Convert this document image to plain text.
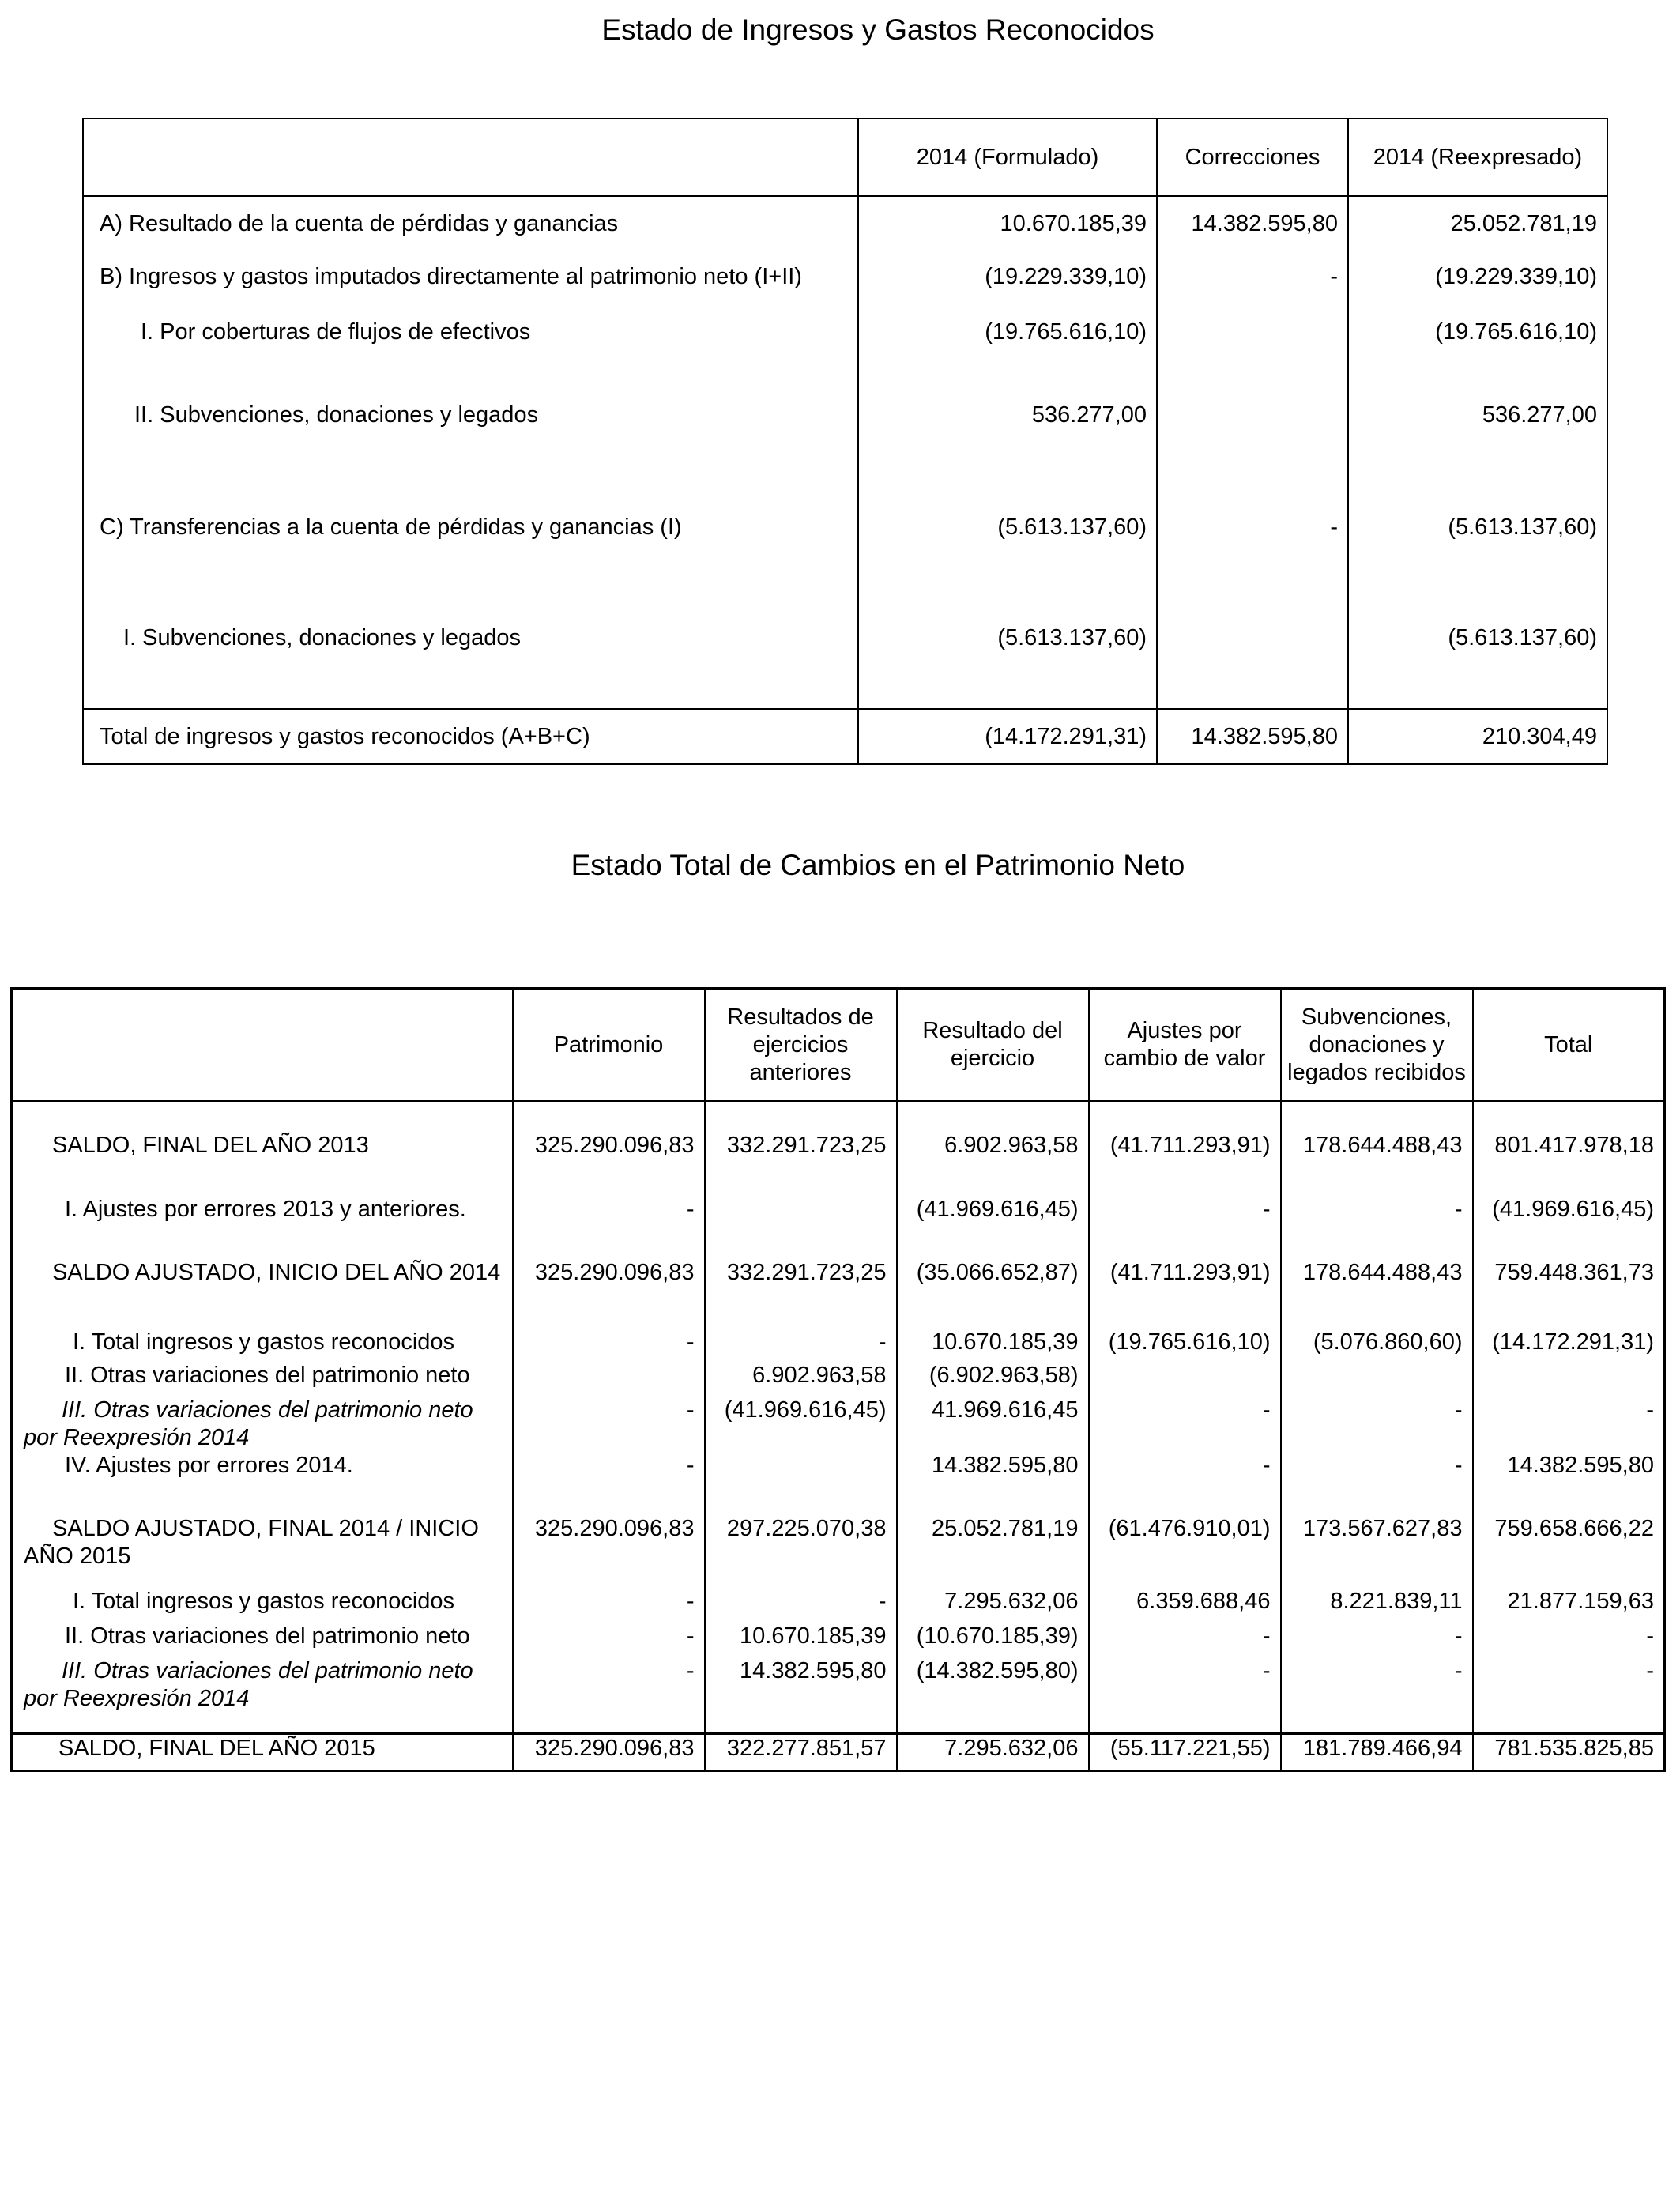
Estado de Ingresos y Gastos Reconocidos
	2014 (Formulado)	Correcciones	2014 (Reexpresado)
A) Resultado de la cuenta de pérdidas y ganancias	10.670.185,39	14.382.595,80	25.052.781,19
B) Ingresos y gastos imputados directamente al patrimonio neto (I+II)	(19.229.339,10)	-	(19.229.339,10)
I. Por coberturas de flujos de efectivos	(19.765.616,10)		(19.765.616,10)
II. Subvenciones, donaciones y legados	536.277,00		536.277,00
C) Transferencias a la cuenta de pérdidas y ganancias (I)	(5.613.137,60)	-	(5.613.137,60)
I. Subvenciones, donaciones y legados	(5.613.137,60)		(5.613.137,60)
Total de ingresos y gastos reconocidos (A+B+C)	(14.172.291,31)	14.382.595,80	210.304,49
Estado Total de Cambios en el Patrimonio Neto
	Patrimonio	Resultados de ejercicios anteriores	Resultado del ejercicio	Ajustes por cambio de valor	Subvenciones, donaciones y legados recibidos	Total
SALDO, FINAL DEL AÑO 2013	325.290.096,83	332.291.723,25	6.902.963,58	(41.711.293,91)	178.644.488,43	801.417.978,18
I. Ajustes por errores 2013 y anteriores.	-		(41.969.616,45)	-	-	(41.969.616,45)
SALDO AJUSTADO, INICIO DEL AÑO 2014	325.290.096,83	332.291.723,25	(35.066.652,87)	(41.711.293,91)	178.644.488,43	759.448.361,73
I. Total ingresos y gastos reconocidos	-	-	10.670.185,39	(19.765.616,10)	(5.076.860,60)	(14.172.291,31)
II. Otras variaciones del patrimonio neto		6.902.963,58	(6.902.963,58)			
III. Otras variaciones del patrimonio neto por Reexpresión 2014	-	(41.969.616,45)	41.969.616,45	-	-	-
IV. Ajustes por errores 2014.	-		14.382.595,80	-	-	14.382.595,80
SALDO AJUSTADO, FINAL 2014 / INICIO AÑO 2015	325.290.096,83	297.225.070,38	25.052.781,19	(61.476.910,01)	173.567.627,83	759.658.666,22
I. Total ingresos y gastos reconocidos	-	-	7.295.632,06	6.359.688,46	8.221.839,11	21.877.159,63
II. Otras variaciones del patrimonio neto	-	10.670.185,39	(10.670.185,39)	-	-	-
III. Otras variaciones del patrimonio neto por Reexpresión 2014	-	14.382.595,80	(14.382.595,80)	-	-	-
SALDO, FINAL DEL AÑO 2015	325.290.096,83	322.277.851,57	7.295.632,06	(55.117.221,55)	181.789.466,94	781.535.825,85
